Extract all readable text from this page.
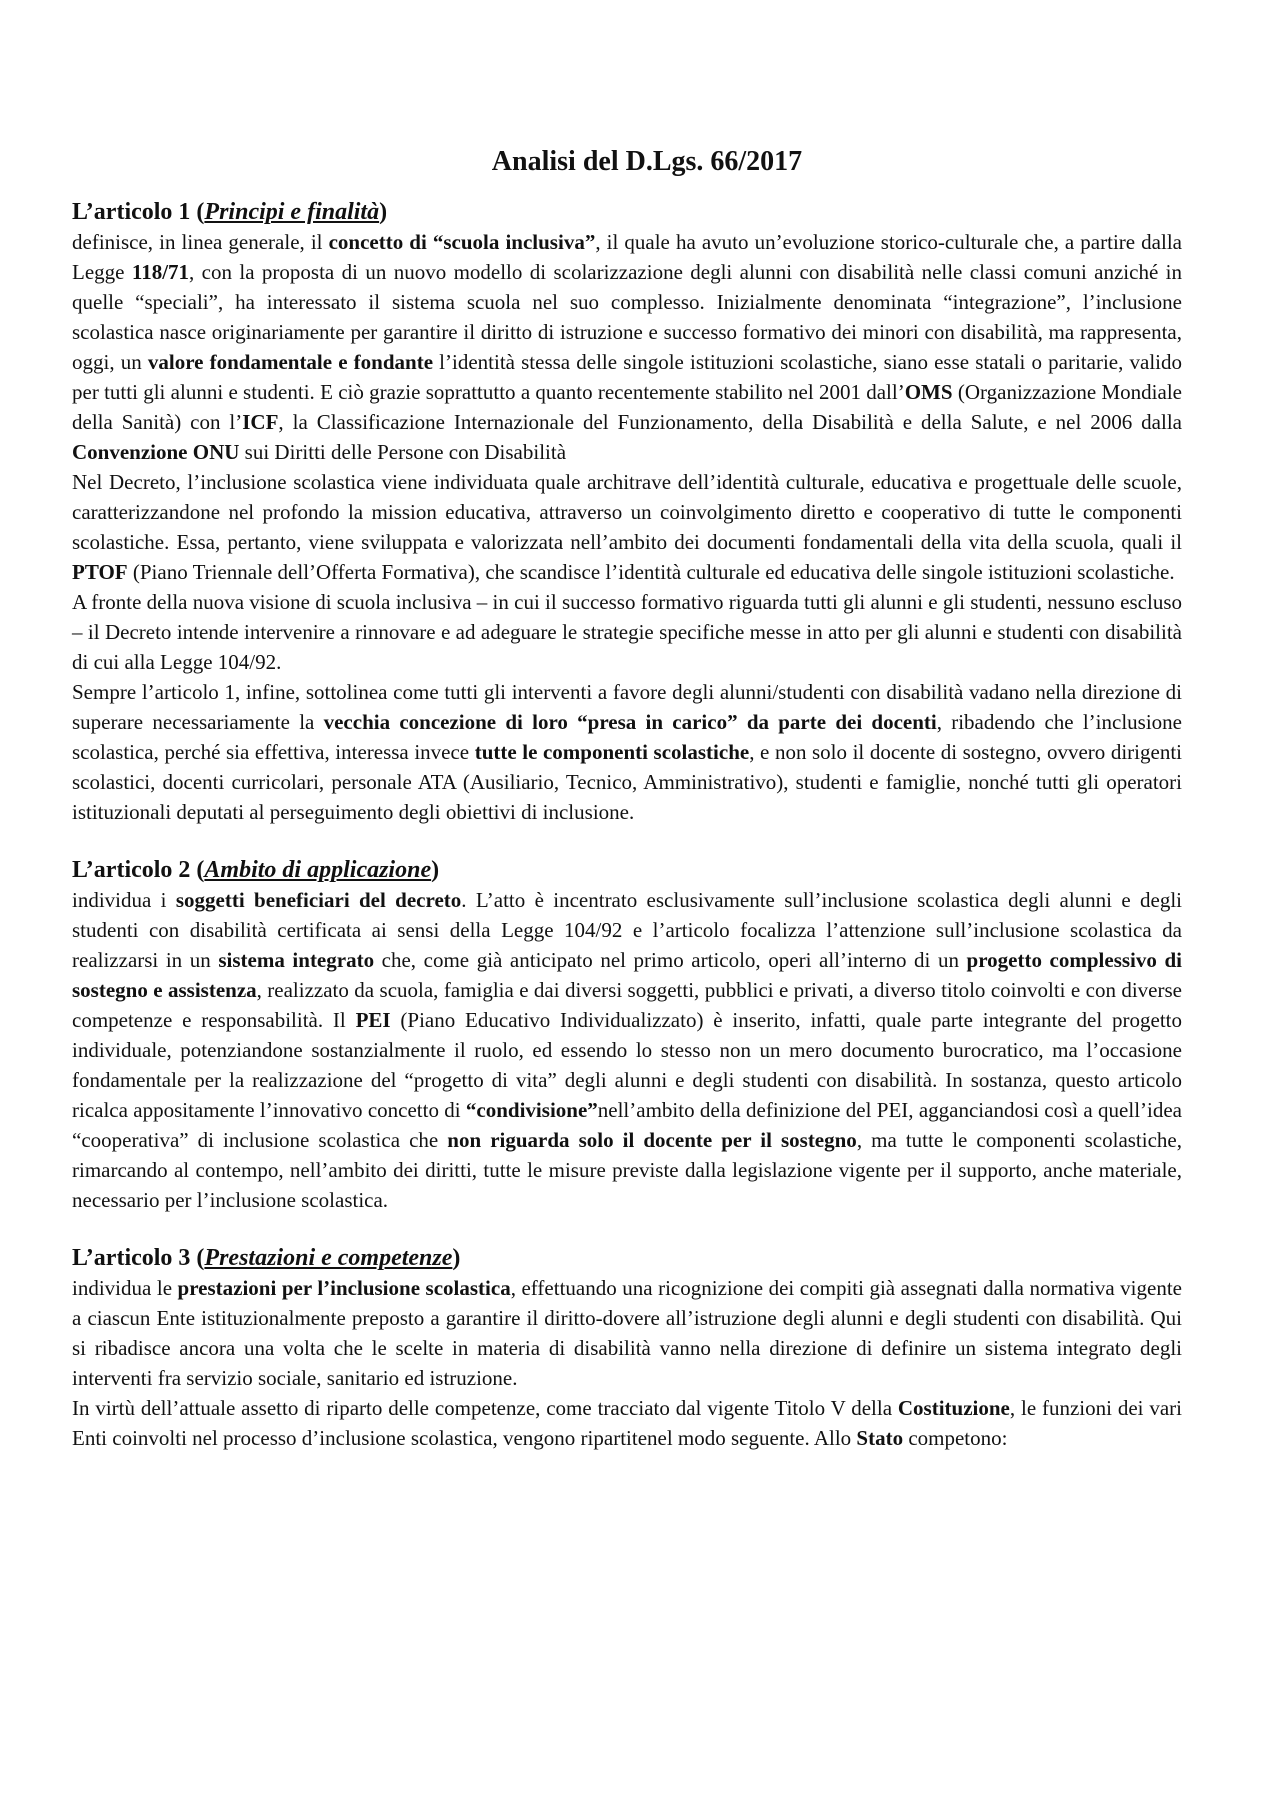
Analisi del D.Lgs. 66/2017
L’articolo 1 (Principi e finalità)

definisce, in linea generale, il concetto di “scuola inclusiva”, il quale ha avuto un’evoluzione storico-culturale che, a partire dalla Legge 118/71, con la proposta di un nuovo modello di scolarizzazione degli alunni con disabilità nelle classi comuni anziché in quelle “speciali”, ha interessato il sistema scuola nel suo complesso. Inizialmente denominata “integrazione”, l’inclusione scolastica nasce originariamente per garantire il diritto di istruzione e successo formativo dei minori con disabilità, ma rappresenta, oggi, un valore fondamentale e fondante l’identità stessa delle singole istituzioni scolastiche, siano esse statali o paritarie, valido per tutti gli alunni e studenti. E ciò grazie soprattutto a quanto recentemente stabilito nel 2001 dall’OMS (Organizzazione Mondiale della Sanità) con l’ICF, la Classificazione Internazionale del Funzionamento, della Disabilità e della Salute, e nel 2006 dalla Convenzione ONU sui Diritti delle Persone con Disabilità

Nel Decreto, l’inclusione scolastica viene individuata quale architrave dell’identità culturale, educativa e progettuale delle scuole, caratterizzandone nel profondo la mission educativa, attraverso un coinvolgimento diretto e cooperativo di tutte le componenti scolastiche. Essa, pertanto, viene sviluppata e valorizzata nell’ambito dei documenti fondamentali della vita della scuola, quali il PTOF (Piano Triennale dell’Offerta Formativa), che scandisce l’identità culturale ed educativa delle singole istituzioni scolastiche.

A fronte della nuova visione di scuola inclusiva – in cui il successo formativo riguarda tutti gli alunni e gli studenti, nessuno escluso – il Decreto intende intervenire a rinnovare e ad adeguare le strategie specifiche messe in atto per gli alunni e studenti con disabilità di cui alla Legge 104/92.

Sempre l’articolo 1, infine, sottolinea come tutti gli interventi a favore degli alunni/studenti con disabilità vadano nella direzione di superare necessariamente la vecchia concezione di loro “presa in carico” da parte dei docenti, ribadendo che l’inclusione scolastica, perché sia effettiva, interessa invece tutte le componenti scolastiche, e non solo il docente di sostegno, ovvero dirigenti scolastici, docenti curricolari, personale ATA (Ausiliario, Tecnico, Amministrativo), studenti e famiglie, nonché tutti gli operatori istituzionali deputati al perseguimento degli obiettivi di inclusione.

L’articolo 2 (Ambito di applicazione)

individua i soggetti beneficiari del decreto. L’atto è incentrato esclusivamente sull’inclusione scolastica degli alunni e degli studenti con disabilità certificata ai sensi della Legge 104/92 e l’articolo focalizza l’attenzione sull’inclusione scolastica da realizzarsi in un sistema integrato che, come già anticipato nel primo articolo, operi all’interno di un progetto complessivo di sostegno e assistenza, realizzato da scuola, famiglia e dai diversi soggetti, pubblici e privati, a diverso titolo coinvolti e con diverse competenze e responsabilità. Il PEI (Piano Educativo Individualizzato) è inserito, infatti, quale parte integrante del progetto individuale, potenziandone sostanzialmente il ruolo, ed essendo lo stesso non un mero documento burocratico, ma l’occasione fondamentale per la realizzazione del “progetto di vita” degli alunni e degli studenti con disabilità. In sostanza, questo articolo ricalca appositamente l’innovativo concetto di “condivisione”nell’ambito della definizione del PEI, agganciandosi così a quell’idea “cooperativa” di inclusione scolastica che non riguarda solo il docente per il sostegno, ma tutte le componenti scolastiche, rimarcando al contempo, nell’ambito dei diritti, tutte le misure previste dalla legislazione vigente per il supporto, anche materiale, necessario per l’inclusione scolastica.

L’articolo 3 (Prestazioni e competenze)

individua le prestazioni per l’inclusione scolastica, effettuando una ricognizione dei compiti già assegnati dalla normativa vigente a ciascun Ente istituzionalmente preposto a garantire il diritto-dovere all’istruzione degli alunni e degli studenti con disabilità. Qui si ribadisce ancora una volta che le scelte in materia di disabilità vanno nella direzione di definire un sistema integrato degli interventi fra servizio sociale, sanitario ed istruzione.

In virtù dell’attuale assetto di riparto delle competenze, come tracciato dal vigente Titolo V della Costituzione, le funzioni dei vari Enti coinvolti nel processo d’inclusione scolastica, vengono ripartitenel modo seguente. Allo Stato competono:
